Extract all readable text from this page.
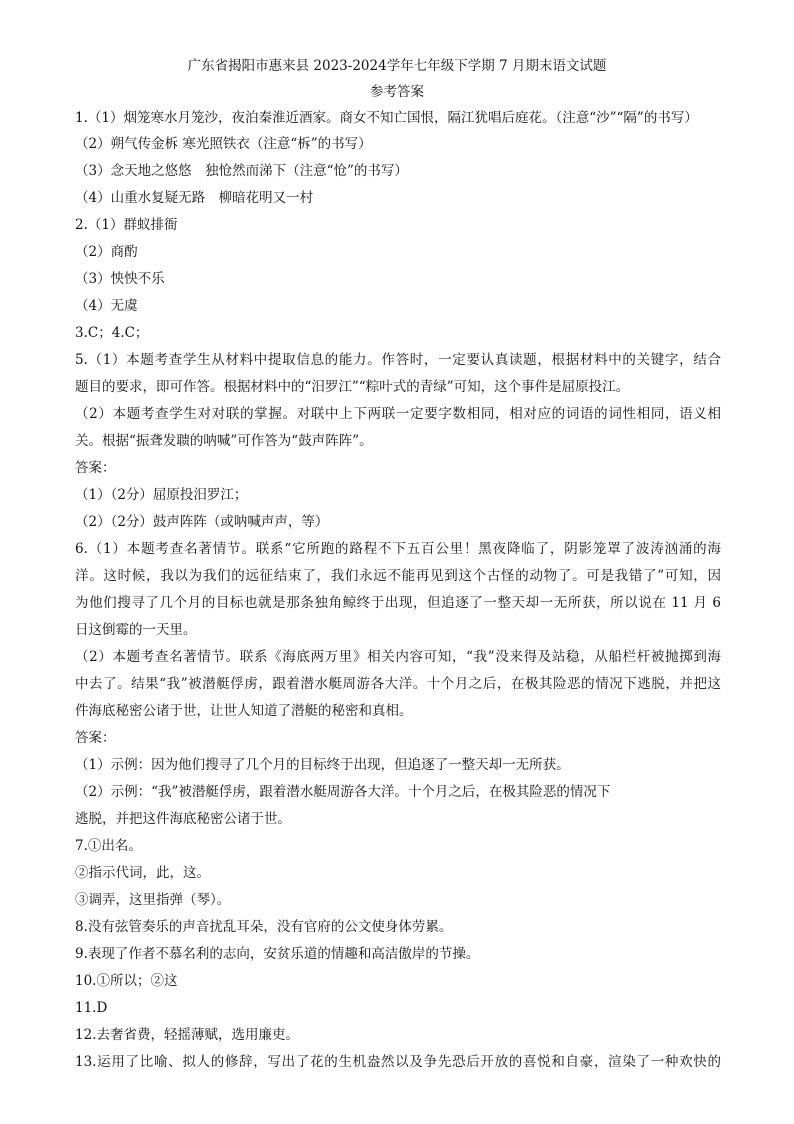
广东省揭阳市惠来县 2023-2024学年七年级下学期 7 月期末语文试题
参考答案
1.（1）烟笼寒水月笼沙，夜泊秦淮近酒家。商女不知亡国恨，隔江犹唱后庭花。（注意“沙”“隔”的书写）
（2）朔气传金柝 寒光照铁衣（注意“柝”的书写）
（3）念天地之悠悠　独怆然而涕下（注意“怆”的书写）
（4）山重水复疑无路　柳暗花明又一村
2.（1）群蚁排衙
（2）商酌
（3）怏怏不乐
（4）无虞
3.C；4.C；
5.（1）本题考查学生从材料中提取信息的能力。作答时，一定要认真读题，根据材料中的关键字，结合
题目的要求，即可作答。根据材料中的“汨罗江”“粽叶式的青绿”可知，这个事件是屈原投江。
（2）本题考查学生对对联的掌握。对联中上下两联一定要字数相同，相对应的词语的词性相同，语义相
关。根据“振聋发聩的呐喊”可作答为“鼓声阵阵”。
答案：
（1）（2分）屈原投汨罗江；
（2）（2分）鼓声阵阵（或呐喊声声，等）
6.（1）本题考查名著情节。联系“它所跑的路程不下五百公里！黑夜降临了，阴影笼罩了波涛汹涌的海
洋。这时候，我以为我们的远征结束了，我们永远不能再见到这个古怪的动物了。可是我错了”可知，因
为他们搜寻了几个月的目标也就是那条独角鲸终于出现，但追逐了一整天却一无所获，所以说在 11 月 6
日这倒霉的一天里。
（2）本题考查名著情节。联系《海底两万里》相关内容可知，“我”没来得及站稳，从船栏杆被抛掷到海
中去了。结果“我”被潜艇俘虏，跟着潜水艇周游各大洋。十个月之后，在极其险恶的情况下逃脱，并把这
件海底秘密公诸于世，让世人知道了潜艇的秘密和真相。
答案：
（1）示例：因为他们搜寻了几个月的目标终于出现，但追逐了一整天却一无所获。
（2）示例：“我”被潜艇俘虏，跟着潜水艇周游各大洋。十个月之后，在极其险恶的情况下
逃脱，并把这件海底秘密公诸于世。
7.①出名。
②指示代词，此，这。
③调弄，这里指弹（琴）。
8.没有弦管奏乐的声音扰乱耳朵，没有官府的公文使身体劳累。
9.表现了作者不慕名利的志向，安贫乐道的情趣和高洁傲岸的节操。
10.①所以；②这
11.D
12.去奢省费，轻摇薄赋，选用廉吏。
13.运用了比喻、拟人的修辞，写出了花的生机盎然以及争先恐后开放的喜悦和自豪，渲染了一种欢快的
